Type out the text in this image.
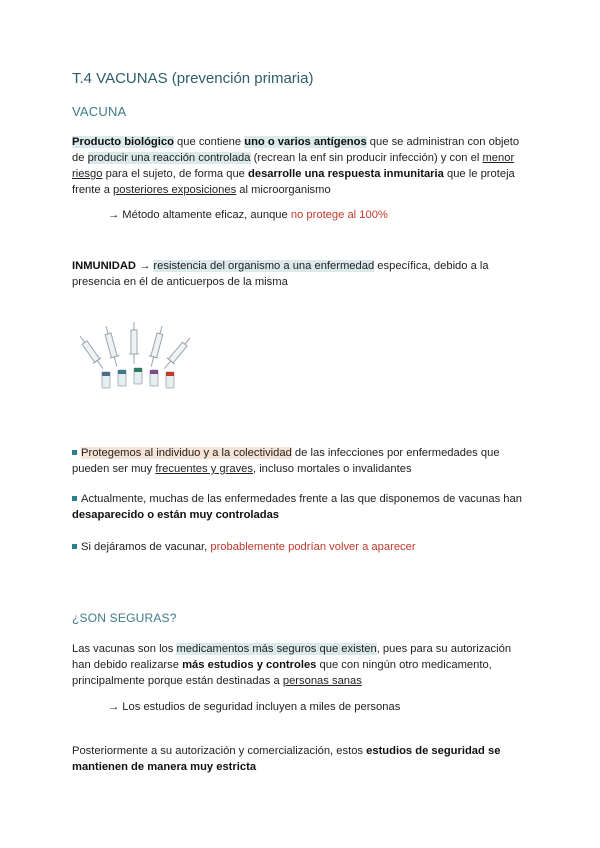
T.4 VACUNAS (prevención primaria)
VACUNA
Producto biológico que contiene uno o varios antígenos que se administran con objeto de producir una reacción controlada (recrean la enf sin producir infección) y con el menor riesgo para el sujeto, de forma que desarrolle una respuesta inmunitaria que le proteja frente a posteriores exposiciones al microorganismo
→ Método altamente eficaz, aunque no protege al 100%
INMUNIDAD → resistencia del organismo a una enfermedad específica, debido a la presencia en él de anticuerpos de la misma
Protegemos al individuo y a la colectividad de las infecciones por enfermedades que pueden ser muy frecuentes y graves, incluso mortales o invalidantes
Actualmente, muchas de las enfermedades frente a las que disponemos de vacunas han desaparecido o están muy controladas
Si dejáramos de vacunar, probablemente podrían volver a aparecer
¿SON SEGURAS?
Las vacunas son los medicamentos más seguros que existen, pues para su autorización han debido realizarse más estudios y controles que con ningún otro medicamento, principalmente porque están destinadas a personas sanas
→ Los estudios de seguridad incluyen a miles de personas
Posteriormente a su autorización y comercialización, estos estudios de seguridad se mantienen de manera muy estricta
